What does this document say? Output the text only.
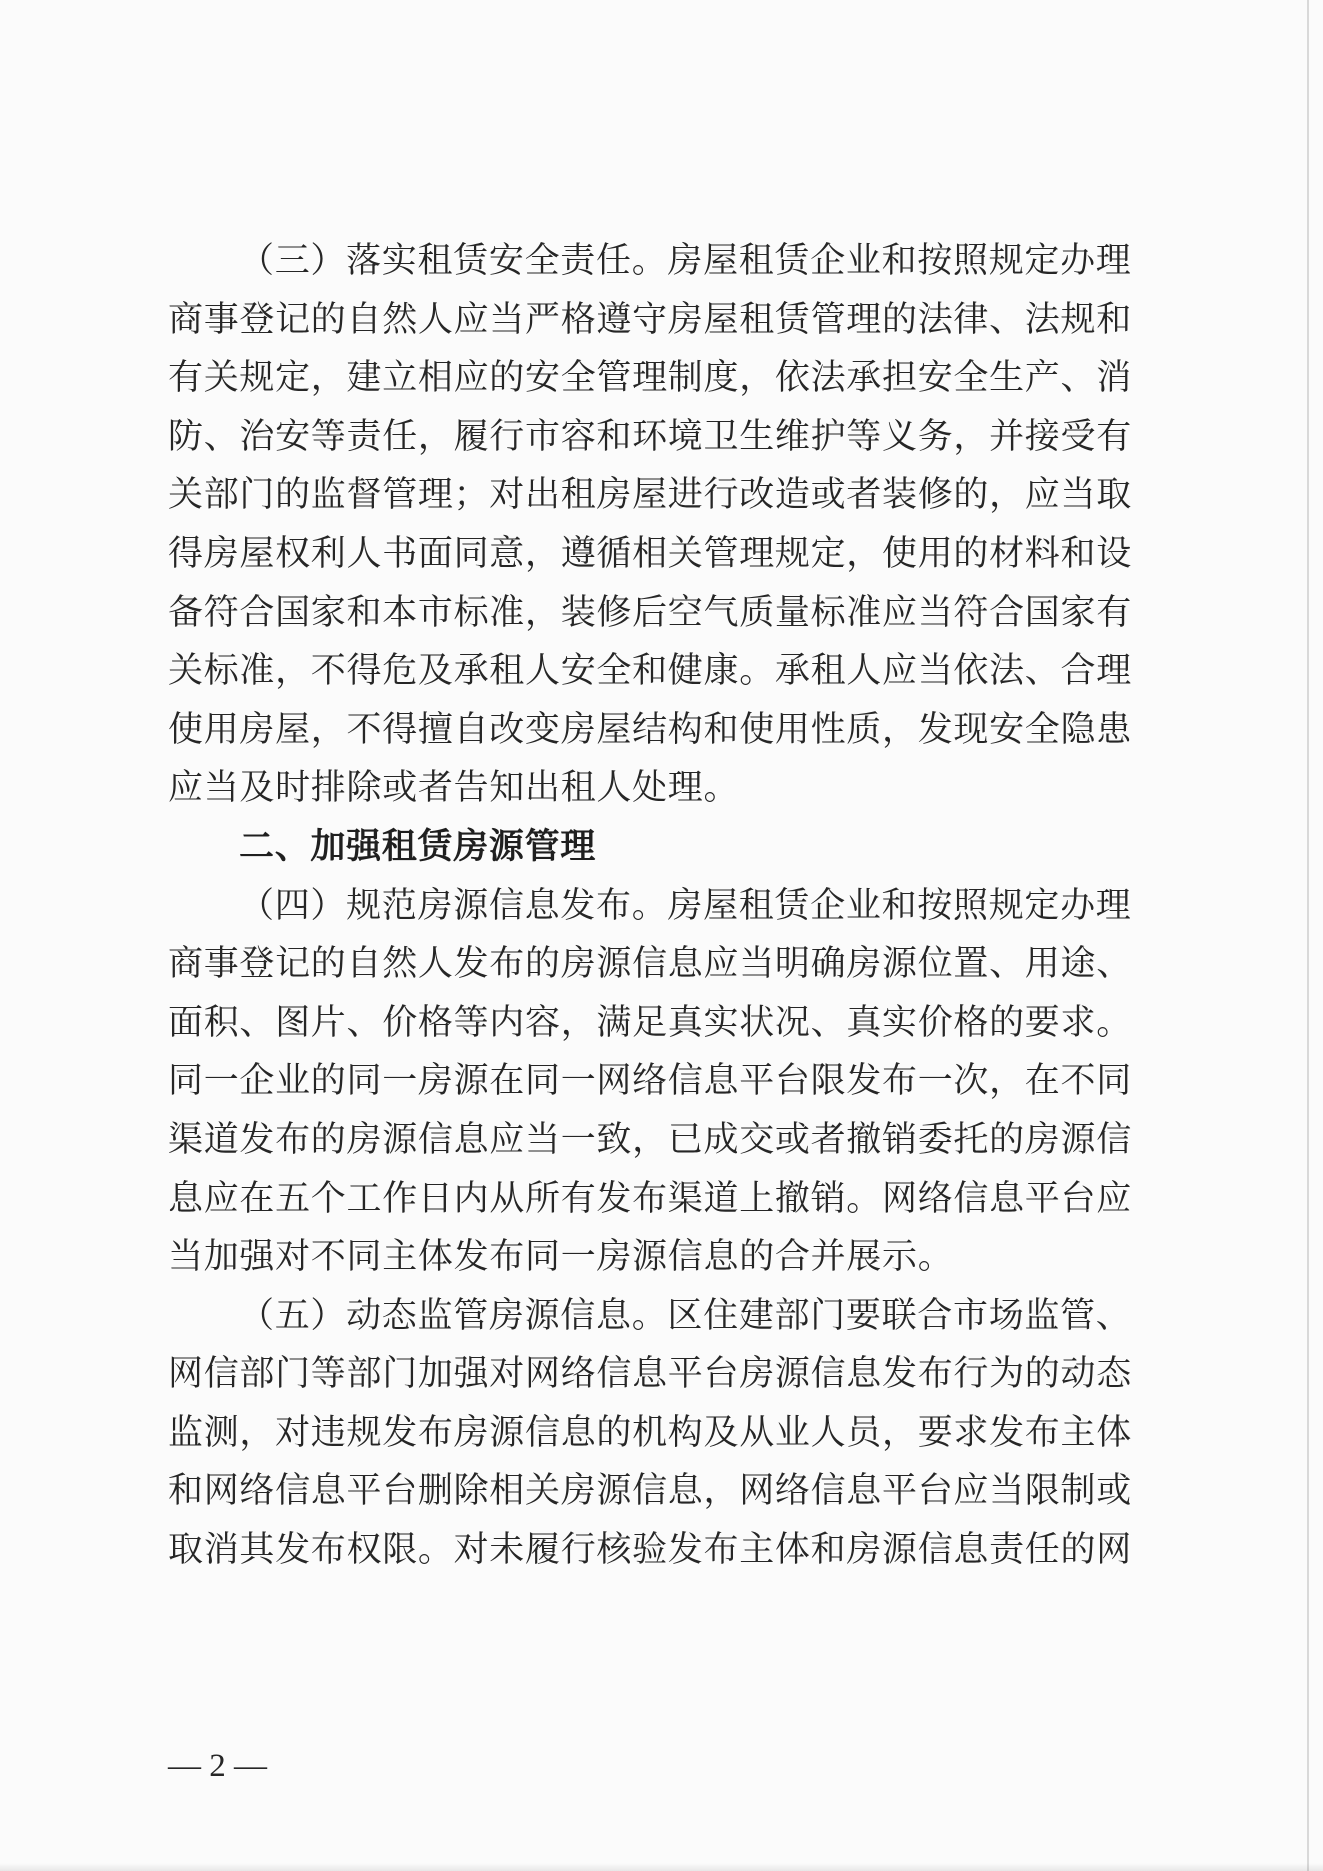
（三）落实租赁安全责任。房屋租赁企业和按照规定办理
商事登记的自然人应当严格遵守房屋租赁管理的法律、法规和
有关规定，建立相应的安全管理制度，依法承担安全生产、消
防、治安等责任，履行市容和环境卫生维护等义务，并接受有
关部门的监督管理；对出租房屋进行改造或者装修的，应当取
得房屋权利人书面同意，遵循相关管理规定，使用的材料和设
备符合国家和本市标准，装修后空气质量标准应当符合国家有
关标准，不得危及承租人安全和健康。承租人应当依法、合理
使用房屋，不得擅自改变房屋结构和使用性质，发现安全隐患
应当及时排除或者告知出租人处理。
二、加强租赁房源管理
（四）规范房源信息发布。房屋租赁企业和按照规定办理
商事登记的自然人发布的房源信息应当明确房源位置、用途、
面积、图片、价格等内容，满足真实状况、真实价格的要求。
同一企业的同一房源在同一网络信息平台限发布一次，在不同
渠道发布的房源信息应当一致，已成交或者撤销委托的房源信
息应在五个工作日内从所有发布渠道上撤销。网络信息平台应
当加强对不同主体发布同一房源信息的合并展示。
（五）动态监管房源信息。区住建部门要联合市场监管、
网信部门等部门加强对网络信息平台房源信息发布行为的动态
监测，对违规发布房源信息的机构及从业人员，要求发布主体
和网络信息平台删除相关房源信息，网络信息平台应当限制或
取消其发布权限。对未履行核验发布主体和房源信息责任的网
— 2 —
